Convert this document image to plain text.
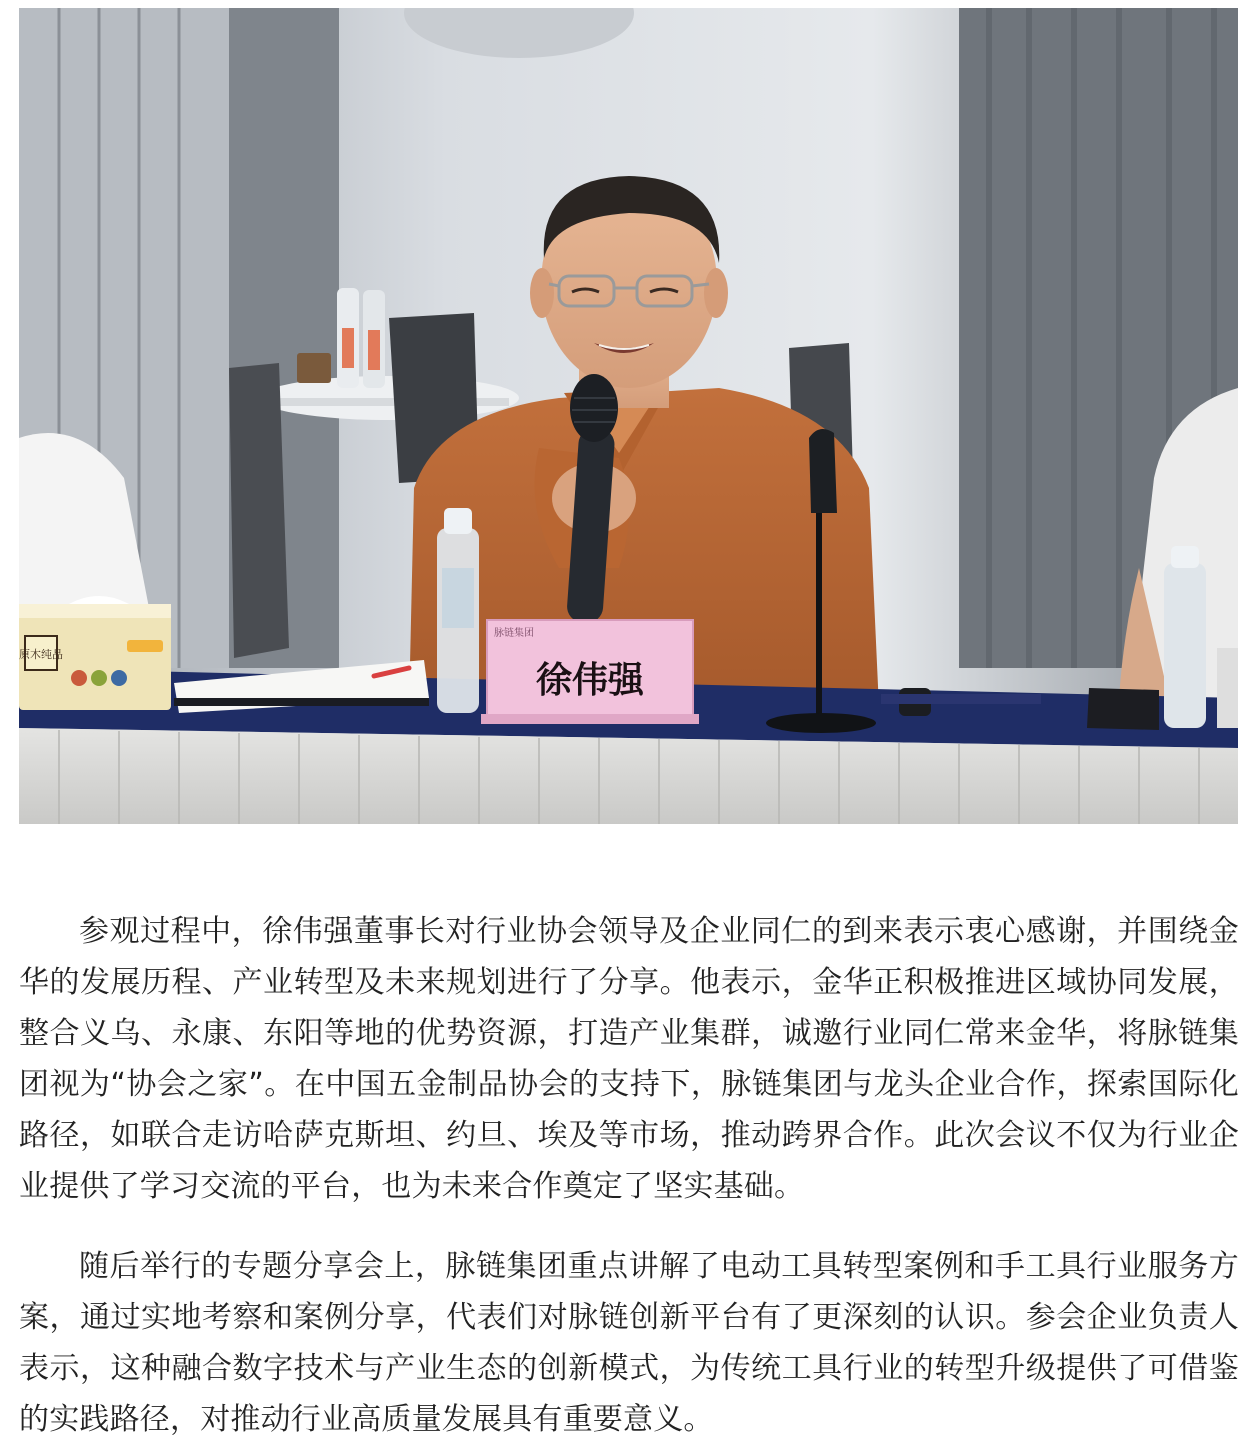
原木纯品
脉链集团
徐伟强

参观过程中，徐伟强董事长对行业协会领导及企业同仁的到来表示衷心感谢，并围绕金华的发展历程、产业转型及未来规划进行了分享。他表示，金华正积极推进区域协同发展，整合义乌、永康、东阳等地的优势资源，打造产业集群，诚邀行业同仁常来金华，将脉链集团视为“协会之家”。在中国五金制品协会的支持下，脉链集团与龙头企业合作，探索国际化路径，如联合走访哈萨克斯坦、约旦、埃及等市场，推动跨界合作。此次会议不仅为行业企业提供了学习交流的平台，也为未来合作奠定了坚实基础。

随后举行的专题分享会上，脉链集团重点讲解了电动工具转型案例和手工具行业服务方案，通过实地考察和案例分享，代表们对脉链创新平台有了更深刻的认识。参会企业负责人表示，这种融合数字技术与产业生态的创新模式，为传统工具行业的转型升级提供了可借鉴的实践路径，对推动行业高质量发展具有重要意义。
